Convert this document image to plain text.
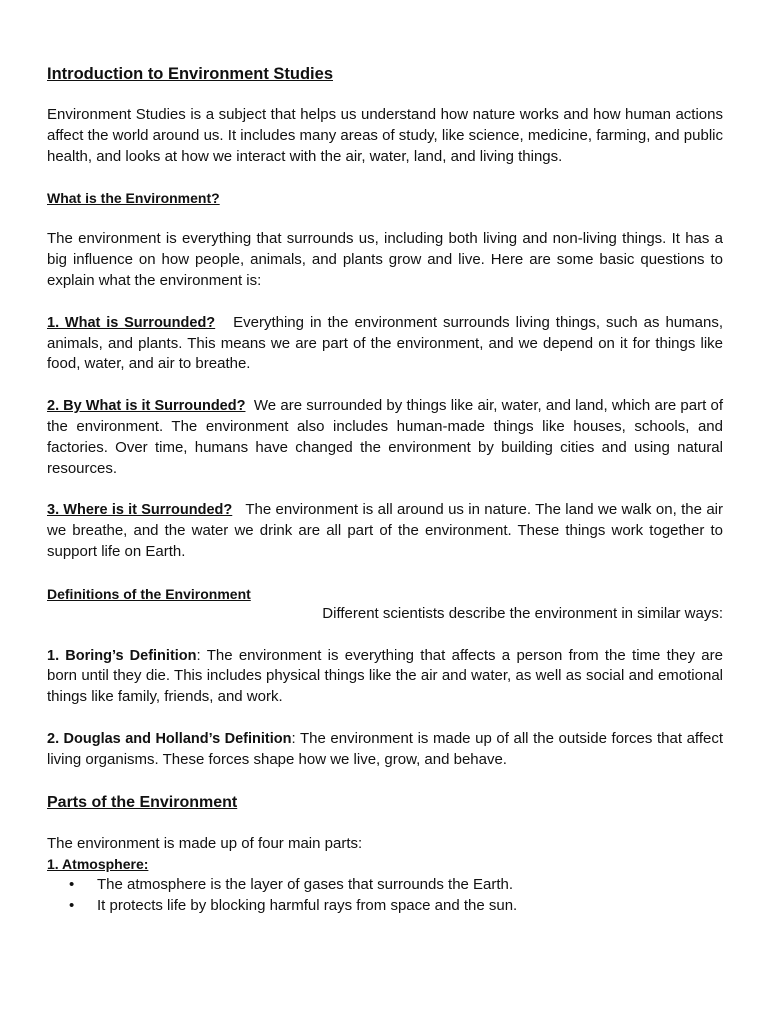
Introduction to Environment Studies

Environment Studies is a subject that helps us understand how nature works and how human actions affect the world around us. It includes many areas of study, like science, medicine, farming, and public health, and looks at how we interact with the air, water, land, and living things.

What is the Environment?

The environment is everything that surrounds us, including both living and non-living things. It has a big influence on how people, animals, and plants grow and live. Here are some basic questions to explain what the environment is:

1. What is Surrounded? Everything in the environment surrounds living things, such as humans, animals, and plants. This means we are part of the environment, and we depend on it for things like food, water, and air to breathe.

2. By What is it Surrounded? We are surrounded by things like air, water, and land, which are part of the environment. The environment also includes human-made things like houses, schools, and factories. Over time, humans have changed the environment by building cities and using natural resources.

3. Where is it Surrounded? The environment is all around us in nature. The land we walk on, the air we breathe, and the water we drink are all part of the environment. These things work together to support life on Earth.

Definitions of the Environment

Different scientists describe the environment in similar ways:

1. Boring’s Definition: The environment is everything that affects a person from the time they are born until they die. This includes physical things like the air and water, as well as social and emotional things like family, friends, and work.

2. Douglas and Holland’s Definition: The environment is made up of all the outside forces that affect living organisms. These forces shape how we live, grow, and behave.

Parts of the Environment

The environment is made up of four main parts:

1. Atmosphere:
• The atmosphere is the layer of gases that surrounds the Earth.
• It protects life by blocking harmful rays from space and the sun.
